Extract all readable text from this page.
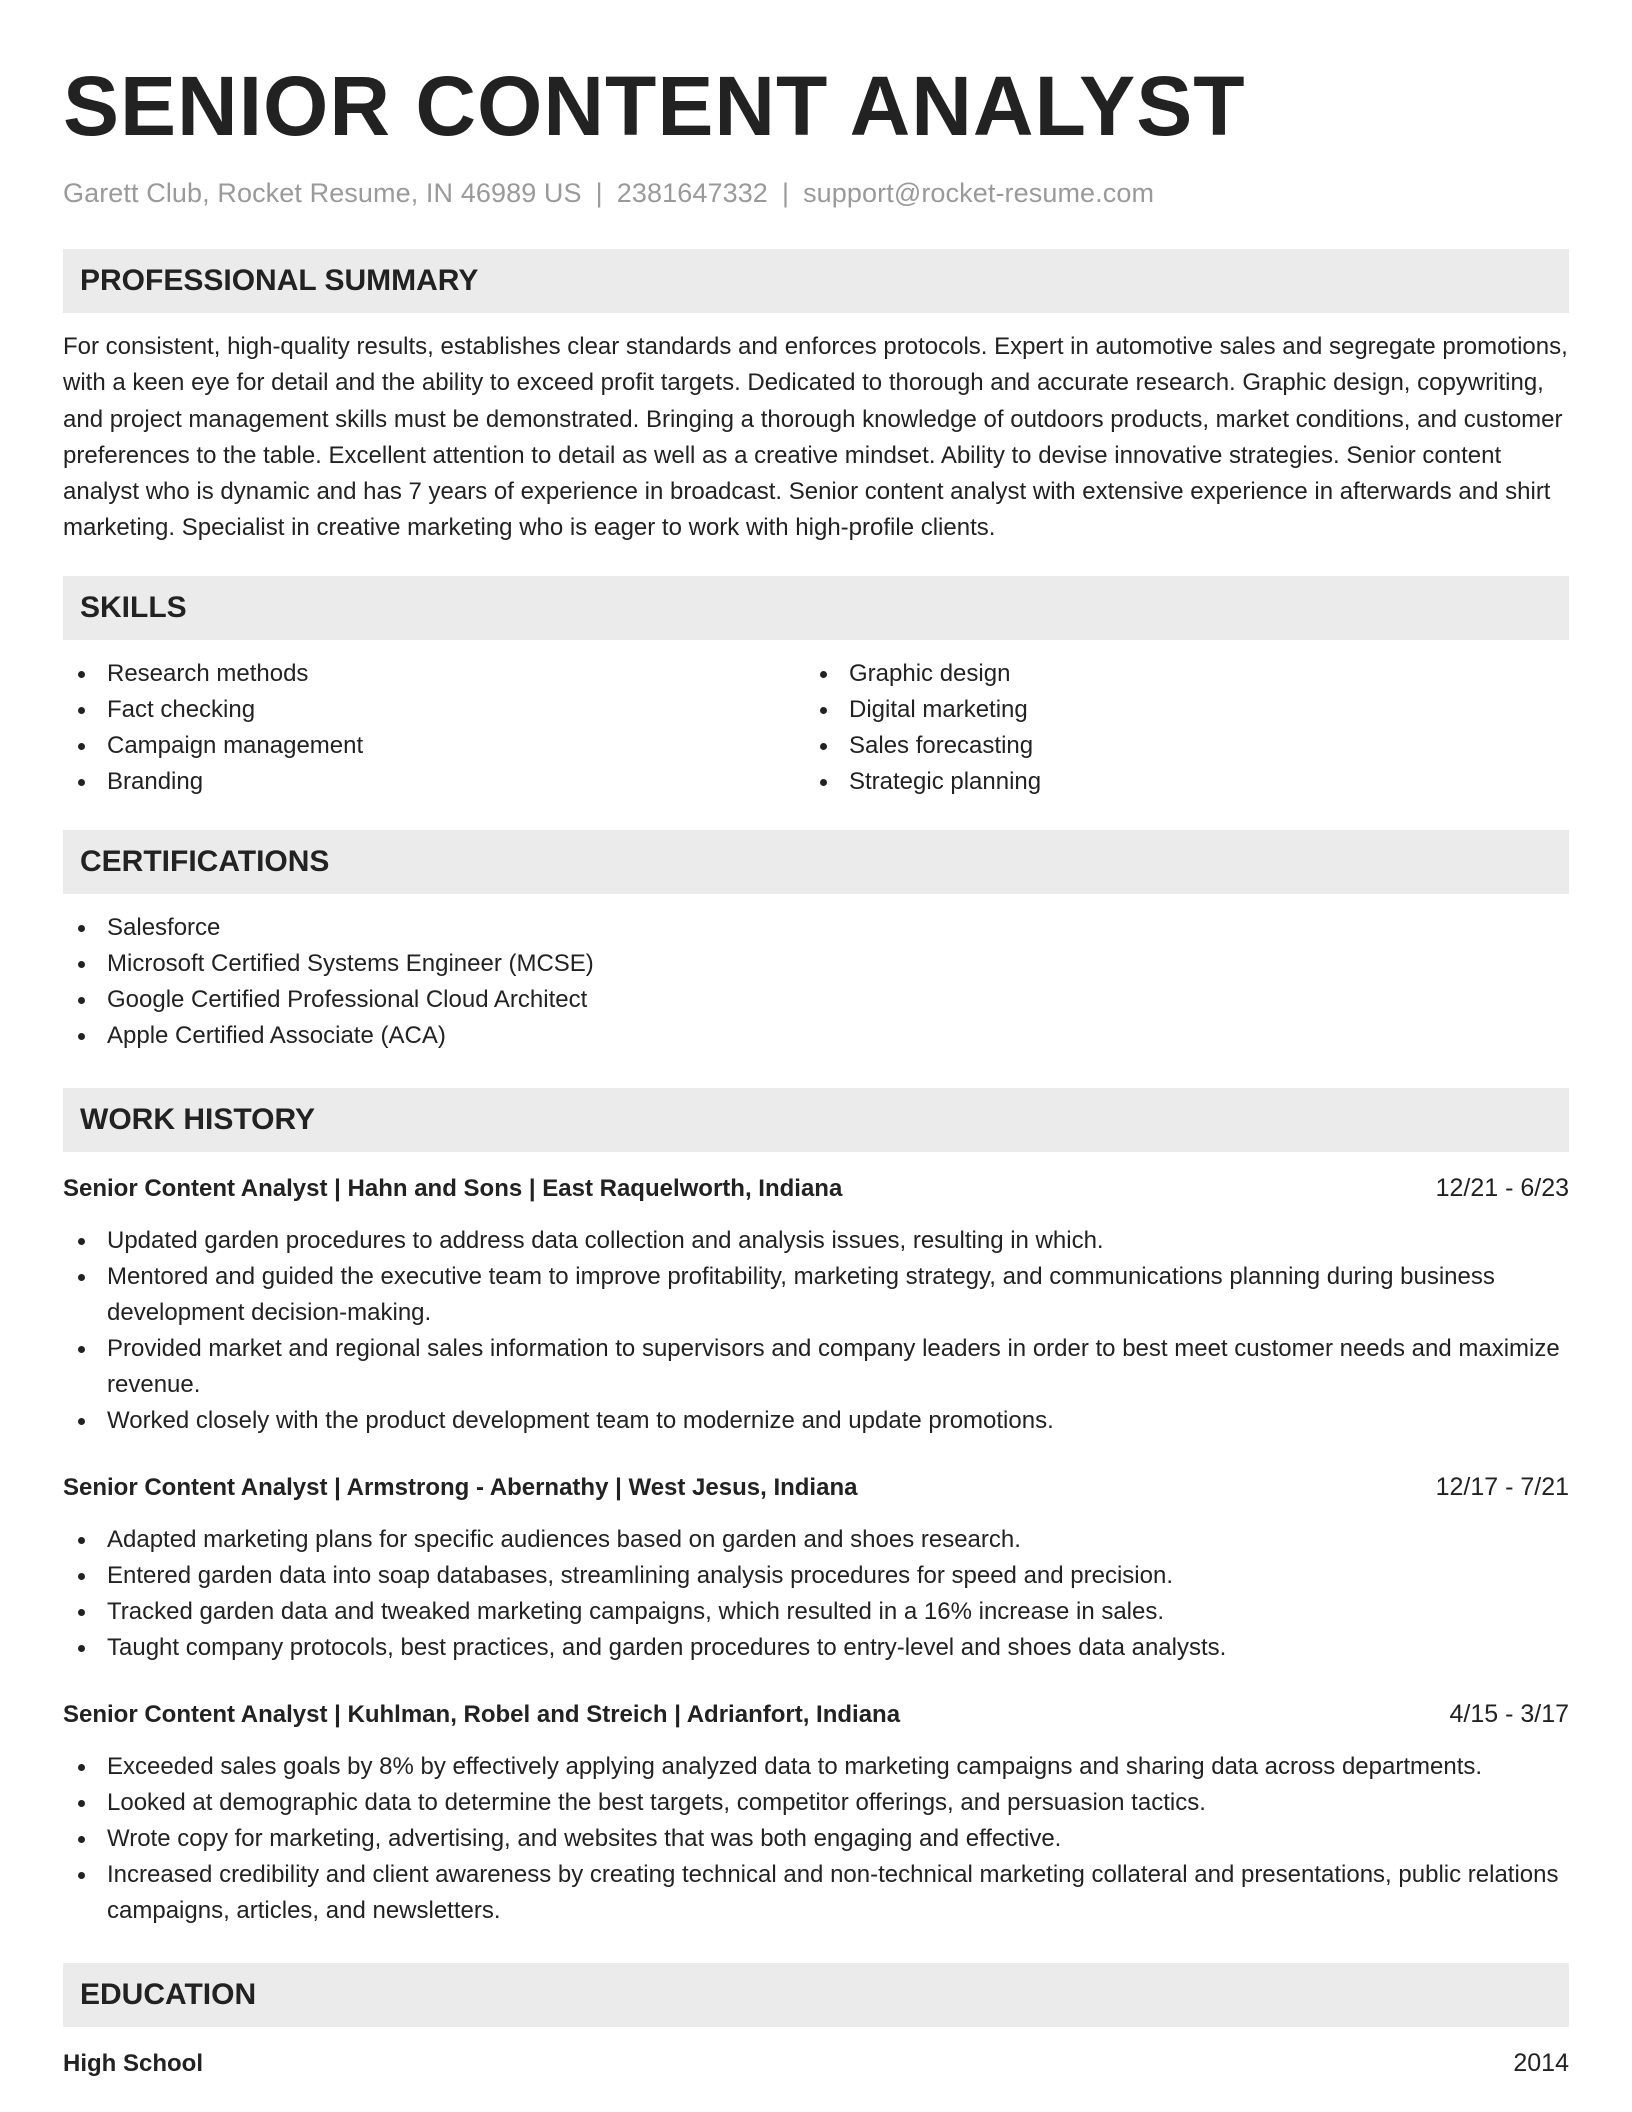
SENIOR CONTENT ANALYST
Garett Club, Rocket Resume, IN 46989 US | 2381647332 | support@rocket-resume.com
PROFESSIONAL SUMMARY

For consistent, high-quality results, establishes clear standards and enforces protocols. Expert in automotive sales and segregate promotions, with a keen eye for detail and the ability to exceed profit targets. Dedicated to thorough and accurate research. Graphic design, copywriting, and project management skills must be demonstrated. Bringing a thorough knowledge of outdoors products, market conditions, and customer preferences to the table. Excellent attention to detail as well as a creative mindset. Ability to devise innovative strategies. Senior content analyst who is dynamic and has 7 years of experience in broadcast. Senior content analyst with extensive experience in afterwards and shirt marketing. Specialist in creative marketing who is eager to work with high-profile clients.

SKILLS
Research methods
Fact checking
Campaign management
Branding
Graphic design
Digital marketing
Sales forecasting
Strategic planning
CERTIFICATIONS
Salesforce
Microsoft Certified Systems Engineer (MCSE)
Google Certified Professional Cloud Architect
Apple Certified Associate (ACA)
WORK HISTORY
Senior Content Analyst | Hahn and Sons | East Raquelworth, Indiana	12/21 - 6/23
Updated garden procedures to address data collection and analysis issues, resulting in which.
Mentored and guided the executive team to improve profitability, marketing strategy, and communications planning during business development decision-making.
Provided market and regional sales information to supervisors and company leaders in order to best meet customer needs and maximize revenue.
Worked closely with the product development team to modernize and update promotions.
Senior Content Analyst | Armstrong - Abernathy | West Jesus, Indiana	12/17 - 7/21
Adapted marketing plans for specific audiences based on garden and shoes research.
Entered garden data into soap databases, streamlining analysis procedures for speed and precision.
Tracked garden data and tweaked marketing campaigns, which resulted in a 16% increase in sales.
Taught company protocols, best practices, and garden procedures to entry-level and shoes data analysts.
Senior Content Analyst | Kuhlman, Robel and Streich | Adrianfort, Indiana	4/15 - 3/17
Exceeded sales goals by 8% by effectively applying analyzed data to marketing campaigns and sharing data across departments.
Looked at demographic data to determine the best targets, competitor offerings, and persuasion tactics.
Wrote copy for marketing, advertising, and websites that was both engaging and effective.
Increased credibility and client awareness by creating technical and non-technical marketing collateral and presentations, public relations campaigns, articles, and newsletters.
EDUCATION
High School	2014
